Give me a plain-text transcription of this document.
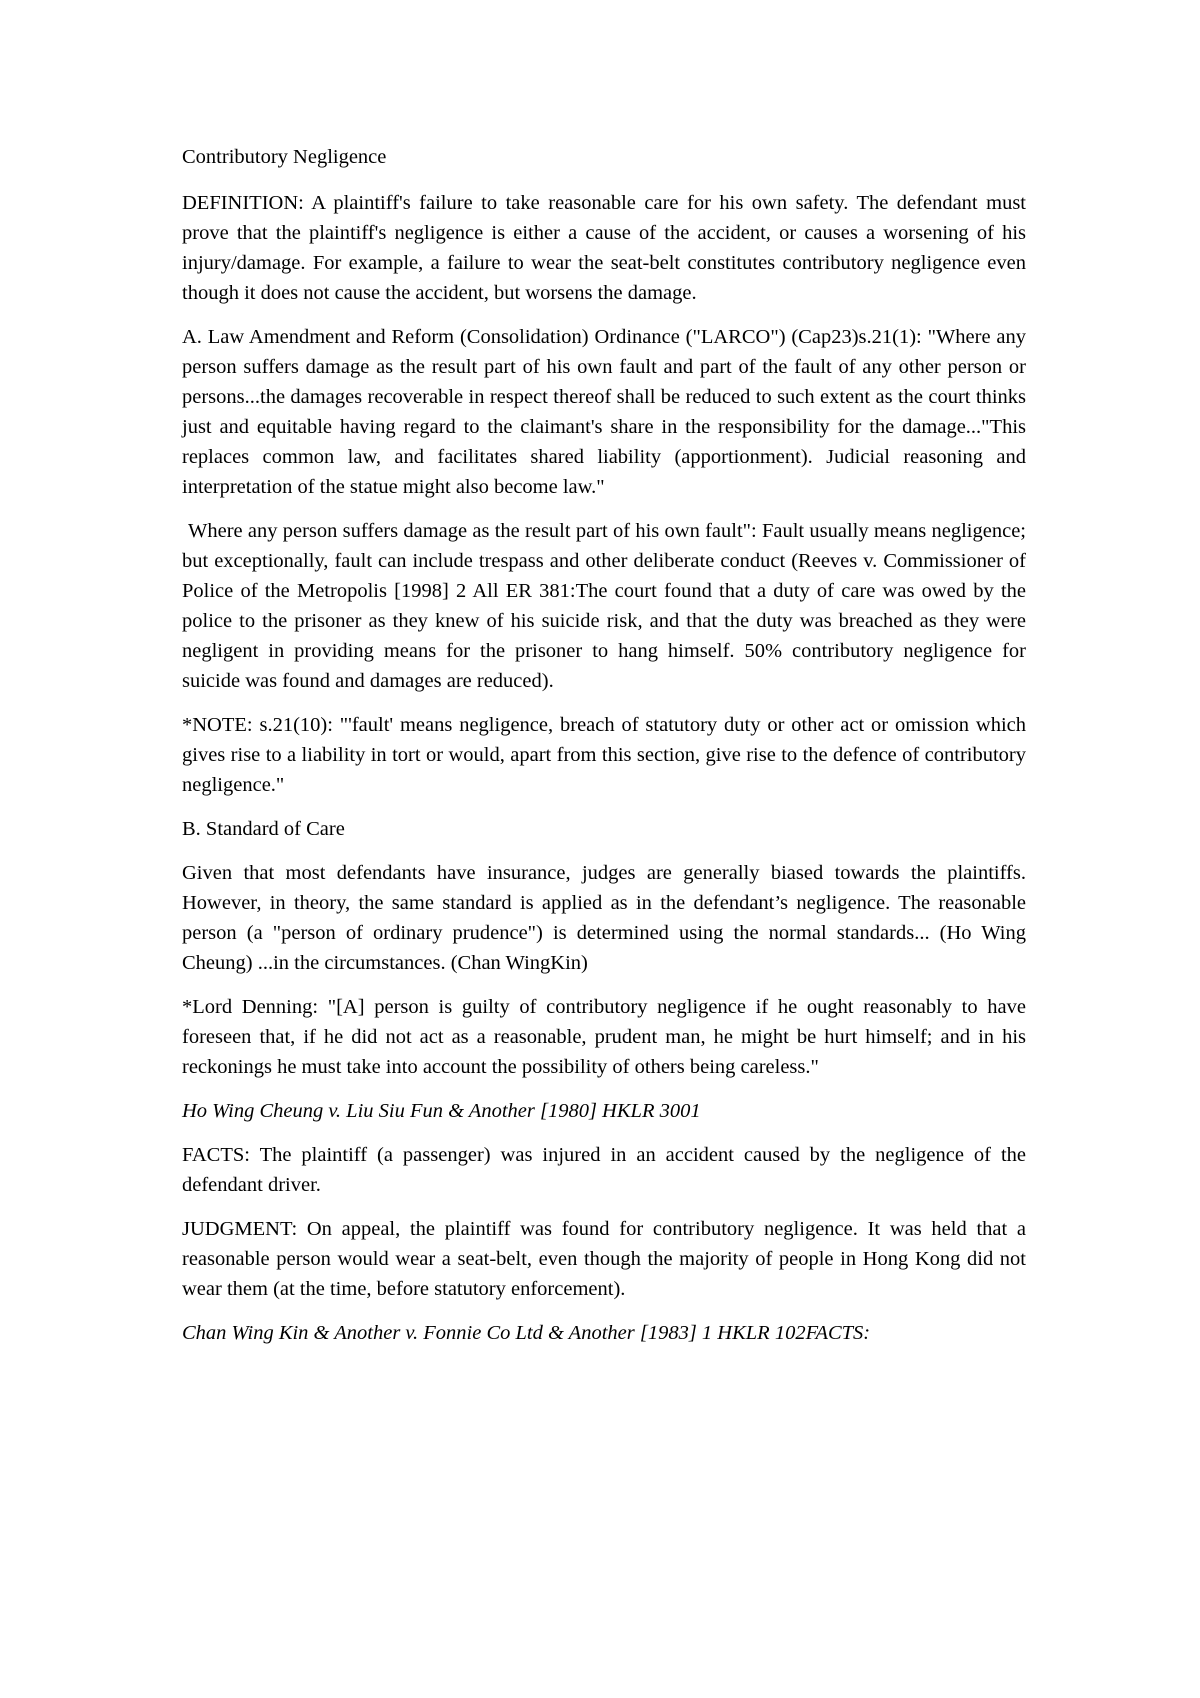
Contributory Negligence

DEFINITION: A plaintiff's failure to take reasonable care for his own safety. The defendant must prove that the plaintiff's negligence is either a cause of the accident, or causes a worsening of his injury/damage. For example, a failure to wear the seat-belt constitutes contributory negligence even though it does not cause the accident, but worsens the damage.

A. Law Amendment and Reform (Consolidation) Ordinance ("LARCO") (Cap23)s.21(1): "Where any person suffers damage as the result part of his own fault and part of the fault of any other person or persons...the damages recoverable in respect thereof shall be reduced to such extent as the court thinks just and equitable having regard to the claimant's share in the responsibility for the damage..."This replaces common law, and facilitates shared liability (apportionment). Judicial reasoning and interpretation of the statue might also become law."

Where any person suffers damage as the result part of his own fault": Fault usually means negligence; but exceptionally, fault can include trespass and other deliberate conduct (Reeves v. Commissioner of Police of the Metropolis [1998] 2 All ER 381:The court found that a duty of care was owed by the police to the prisoner as they knew of his suicide risk, and that the duty was breached as they were negligent in providing means for the prisoner to hang himself. 50% contributory negligence for suicide was found and damages are reduced).

*NOTE: s.21(10): "'fault' means negligence, breach of statutory duty or other act or omission which gives rise to a liability in tort or would, apart from this section, give rise to the defence of contributory negligence."

B. Standard of Care

Given that most defendants have insurance, judges are generally biased towards the plaintiffs. However, in theory, the same standard is applied as in the defendant’s negligence. The reasonable person (a "person of ordinary prudence") is determined using the normal standards... (Ho Wing Cheung) ...in the circumstances. (Chan WingKin)

*Lord Denning: "[A] person is guilty of contributory negligence if he ought reasonably to have foreseen that, if he did not act as a reasonable, prudent man, he might be hurt himself; and in his reckonings he must take into account the possibility of others being careless."

Ho Wing Cheung v. Liu Siu Fun & Another [1980] HKLR 3001

FACTS: The plaintiff (a passenger) was injured in an accident caused by the negligence of the defendant driver.

JUDGMENT: On appeal, the plaintiff was found for contributory negligence. It was held that a reasonable person would wear a seat-belt, even though the majority of people in Hong Kong did not wear them (at the time, before statutory enforcement).

Chan Wing Kin & Another v. Fonnie Co Ltd & Another [1983] 1 HKLR 102FACTS:
